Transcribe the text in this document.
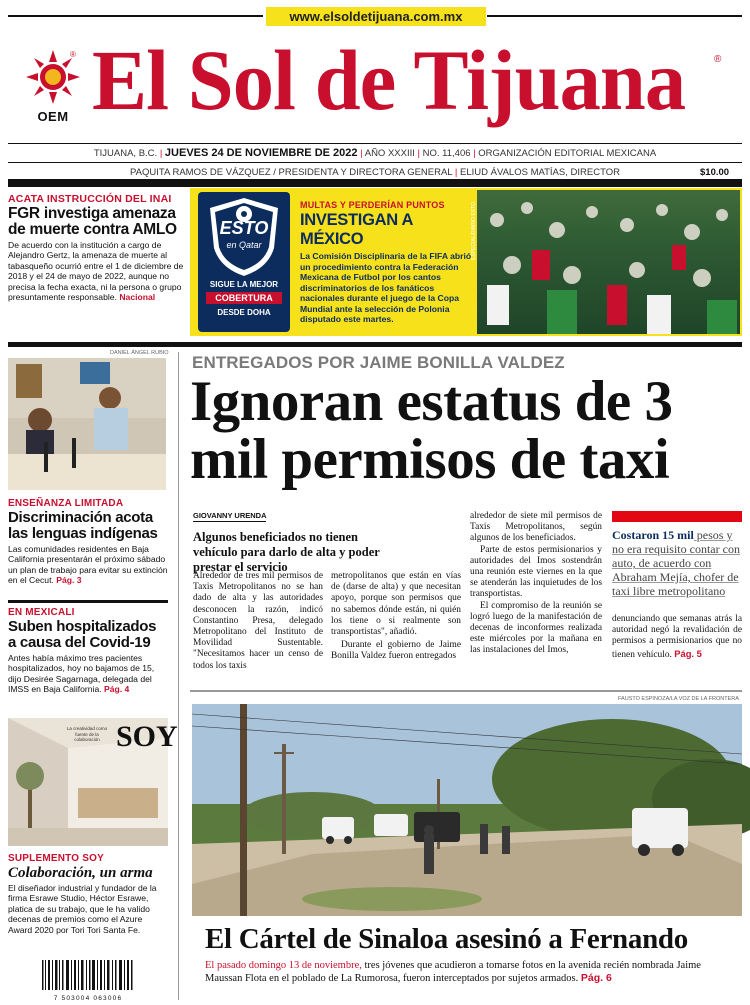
www.elsoldetijuana.com.mx
OEM
® El Sol de Tijuana	®
TIJUANA, B.C. | JUEVES 24 DE NOVIEMBRE DE 2022 | AÑO XXXIII | NO. 11,406 | ORGANIZACIÓN EDITORIAL MEXICANA
PAQUITA RAMOS DE VÁZQUEZ / PRESIDENTA Y DIRECTORA GENERAL | ELIUD ÁVALOS MATÍAS, DIRECTOR	$10.00
ACATA INSTRUCCIÓN DEL INAI
FGR investiga amenaza de muerte contra AMLO
De acuerdo con la institución a cargo de Alejandro Gertz, la amenaza de muerte al tabasqueño ocurrió entre el 1 de diciembre de 2018 y el 24 de mayo de 2022, aunque no precisa la fecha exacta, ni la persona o grupo presuntamente responsable. Nacional
ESTO
en Qatar
SIGUE LA MEJOR
COBERTURA
DESDE DOHA
MULTAS Y PERDERÍAN PUNTOS
INVESTIGAN A MÉXICO
La Comisión Disciplinaria de la FIFA abrió un procedimiento contra la Federación Mexicana de Futbol por los cantos discriminatorios de los fanáticos nacionales durante el juego de la Copa Mundial ante la selección de Polonia disputado este martes.
ESPECIAL/DIARIO ESTO
DANIEL ÁNGEL RUBIO
ENSEÑANZA LIMITADA
Discriminación acota las lenguas indígenas
Las comunidades residentes en Baja California presentarán el próximo sábado un plan de trabajo para evitar su extinción en el Cecut. Pág. 3
EN MEXICALI
Suben hospitalizados a causa del Covid-19
Antes había máximo tres pacientes hospitalizados, hoy no bajamos de 15, dijo Desirée Sagarnaga, delegada del IMSS en Baja California. Pág. 4
SOY
La creatividad como fuente de la colaboración
SUPLEMENTO SOY
Colaboración, un arma
El diseñador industrial y fundador de la firma Esrawe Studio, Héctor Esrawe, platica de su trabajo, que le ha valido decenas de premios como el Azure Award 2020 por Tori Tori Santa Fe.
7 503004 063006
ENTREGADOS POR JAIME BONILLA VALDEZ
Ignoran estatus de 3
mil permisos de taxi
GIOVANNY URENDA
Algunos beneficiados no tienen vehículo para darlo de alta y poder prestar el servicio

Alrededor de tres mil permisos de Taxis Metropolitanos no se han dado de alta y las autoridades desconocen la razón, indicó Constantino Presa, delegado Metropolitano del Instituto de Movilidad Sustentable. "Necesitamos hacer un censo de todos los taxis

metropolitanos que están en vías de (darse de alta) y que necesitan apoyo, porque son permisos que no sabemos dónde están, ni quién los tiene o si realmente son transportistas", añadió.

Durante el gobierno de Jaime Bonilla Valdez fueron entregados

alrededor de siete mil permisos de Taxis Metropolitanos, según algunos de los beneficiados.

Parte de estos permisionarios y autoridades del Imos sostendrán una reunión este viernes en la que se atenderán las inquietudes de los transportistas.

El compromiso de la reunión se logró luego de la manifestación de decenas de inconformes realizada este miércoles por la mañana en las instalaciones del Imos,

Costaron 15 mil pesos y no era requisito contar con auto, de acuerdo con Abraham Mejía, chofer de taxi libre metropolitano

denunciando que semanas atrás la autoridad negó la revalidación de permisos a permisionarios que no tienen vehículo. Pág. 5

FAUSTO ESPINOZA/LA VOZ DE LA FRONTERA
El Cártel de Sinaloa asesinó a Fernando
El pasado domingo 13 de noviembre, tres jóvenes que acudieron a tomarse fotos en la avenida recién nombrada Jaime Maussan Flota en el poblado de La Rumorosa, fueron interceptados por sujetos armados. Pág. 6
